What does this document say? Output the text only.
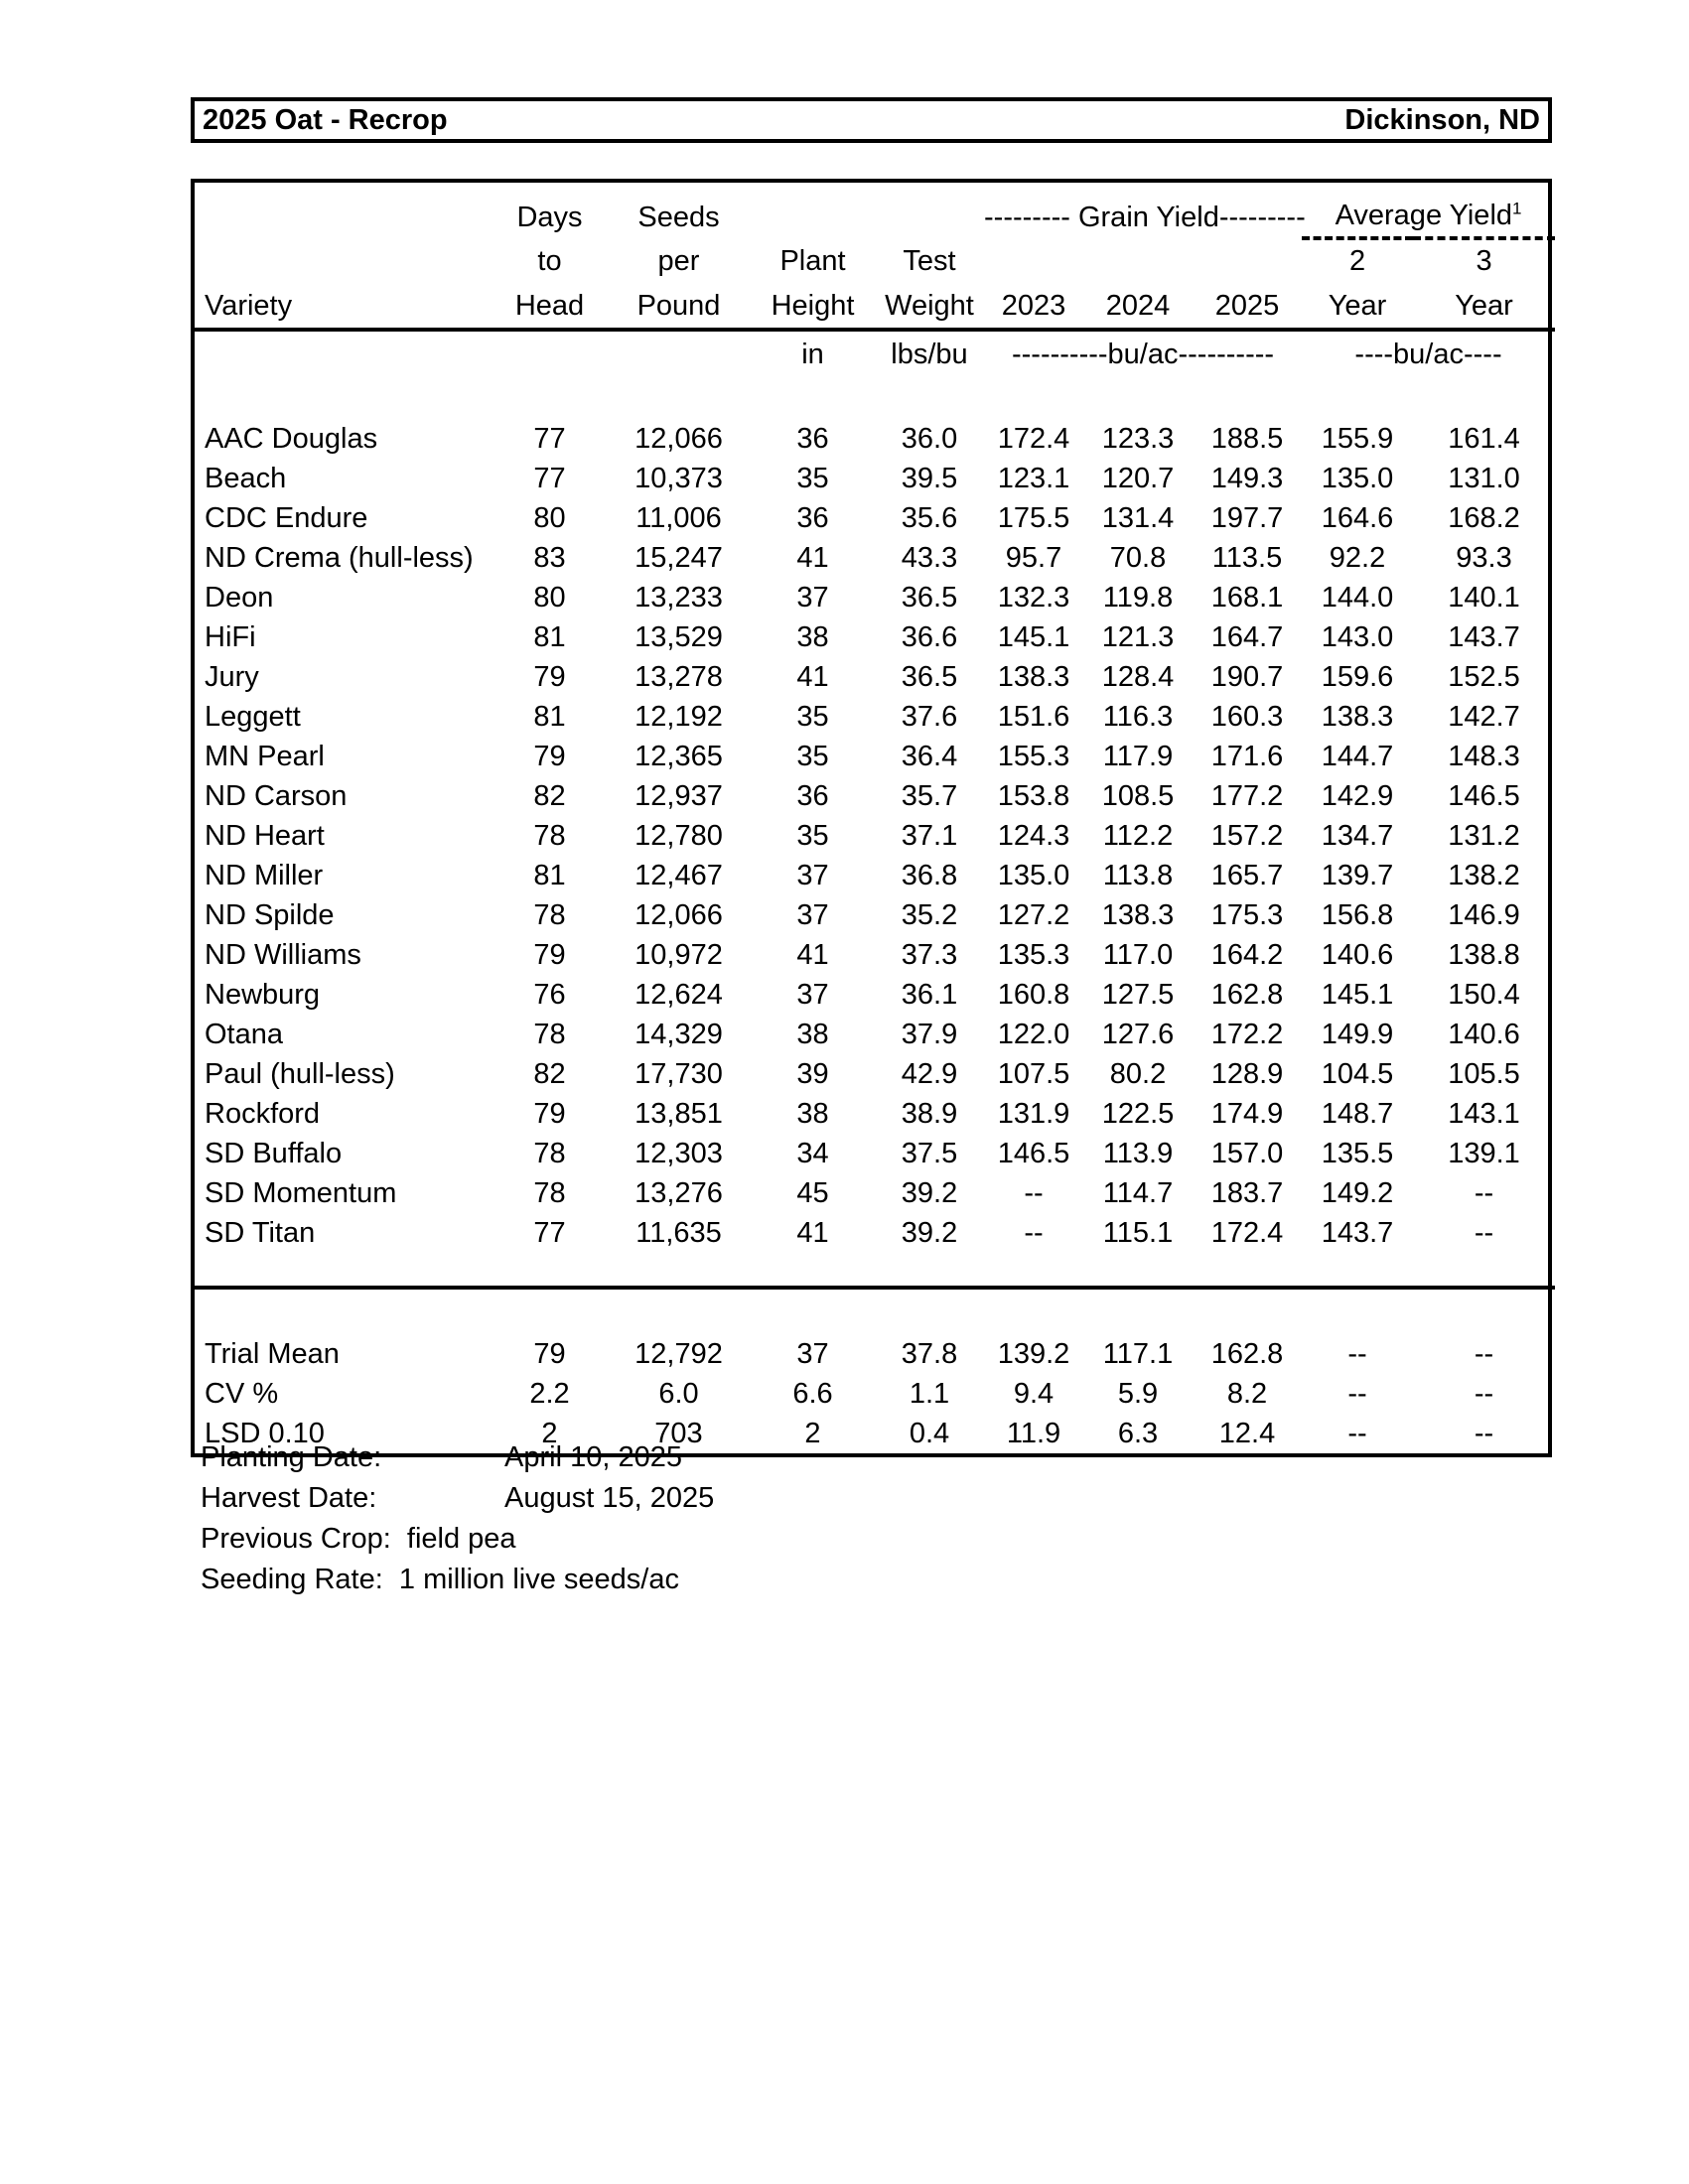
2025 Oat - Recrop	Dickinson, ND
	Days	Seeds			--------- Grain Yield---------			Average Yield$^1$
	to	per	Plant	Test				2	3
Variety	Head	Pound	Height	Weight	2023	2024	2025	Year	Year
			in	lbs/bu	----------bu/ac----------			----bu/ac----	

AAC Douglas	77	12,066	36	36.0	172.4	123.3	188.5	155.9	161.4
Beach	77	10,373	35	39.5	123.1	120.7	149.3	135.0	131.0
CDC Endure	80	11,006	36	35.6	175.5	131.4	197.7	164.6	168.2
ND Crema (hull-less)	83	15,247	41	43.3	95.7	70.8	113.5	92.2	93.3
Deon	80	13,233	37	36.5	132.3	119.8	168.1	144.0	140.1
HiFi	81	13,529	38	36.6	145.1	121.3	164.7	143.0	143.7
Jury	79	13,278	41	36.5	138.3	128.4	190.7	159.6	152.5
Leggett	81	12,192	35	37.6	151.6	116.3	160.3	138.3	142.7
MN Pearl	79	12,365	35	36.4	155.3	117.9	171.6	144.7	148.3
ND Carson	82	12,937	36	35.7	153.8	108.5	177.2	142.9	146.5
ND Heart	78	12,780	35	37.1	124.3	112.2	157.2	134.7	131.2
ND Miller	81	12,467	37	36.8	135.0	113.8	165.7	139.7	138.2
ND Spilde	78	12,066	37	35.2	127.2	138.3	175.3	156.8	146.9
ND Williams	79	10,972	41	37.3	135.3	117.0	164.2	140.6	138.8
Newburg	76	12,624	37	36.1	160.8	127.5	162.8	145.1	150.4
Otana	78	14,329	38	37.9	122.0	127.6	172.2	149.9	140.6
Paul (hull-less)	82	17,730	39	42.9	107.5	80.2	128.9	104.5	105.5
Rockford	79	13,851	38	38.9	131.9	122.5	174.9	148.7	143.1
SD Buffalo	78	12,303	34	37.5	146.5	113.9	157.0	135.5	139.1
SD Momentum	78	13,276	45	39.2	--	114.7	183.7	149.2	--
SD Titan	77	11,635	41	39.2	--	115.1	172.4	143.7	--

Trial Mean	79	12,792	37	37.8	139.2	117.1	162.8	--	--
CV %	2.2	6.0	6.6	1.1	9.4	5.9	8.2	--	--
LSD 0.10	2	703	2	0.4	11.9	6.3	12.4	--	--
Planting Date:	April 10, 2025
Harvest Date:	August 15, 2025
Previous Crop:  field pea
Seeding Rate:  1 million live seeds/ac
